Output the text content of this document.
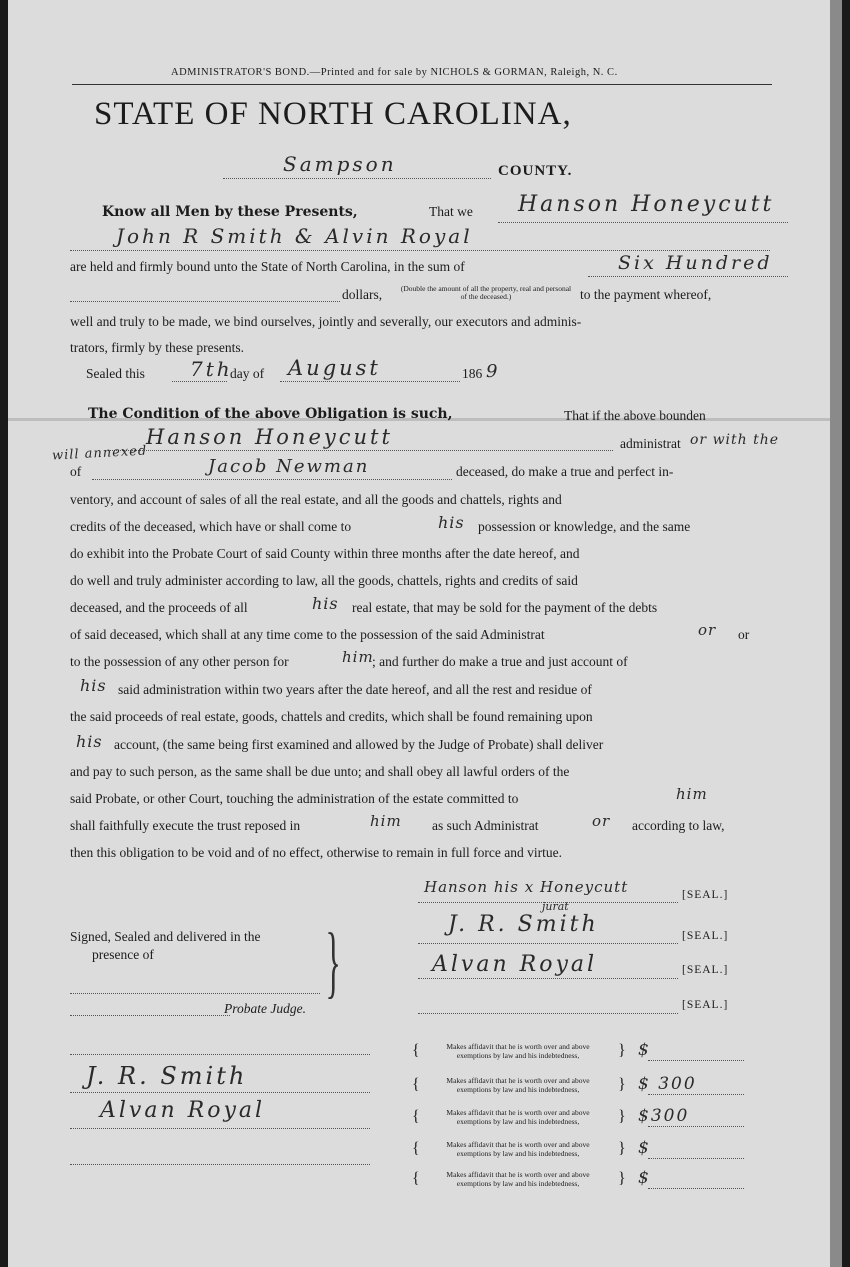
ADMINISTRATOR'S BOND.—Printed and for sale by NICHOLS & GORMAN, Raleigh, N. C.
STATE OF NORTH CAROLINA,
Sampson	COUNTY.
Know all Men by these Presents,	That we Hanson Honeycutt
John R Smith & Alvin Royal
are held and firmly bound unto the State of North Carolina, in the sum of	Six Hundred
dollars, (Double the amount of all the property, real and personal of the deceased.)	to the payment whereof,
well and truly to be made, we bind ourselves, jointly and severally, our executors and adminis-
trators, firmly by these presents.
Sealed this 7th
day of August	186 9
The Condition of the above Obligation is such,	That if the above bounden
Hanson Honeycutt	administrat or with the
will annexed
of	Jacob Newman	deceased, do make a true and perfect in-
ventory, and account of sales of all the real estate, and all the goods and chattels, rights and
credits of the deceased, which have or shall come to	his possession or knowledge, and the same
do exhibit into the Probate Court of said County within three months after the date hereof, and
do well and truly administer according to law, all the goods, chattels, rights and credits of said
deceased, and the proceeds of all	his real estate, that may be sold for the payment of the debts
of said deceased, which shall at any time come to the possession of the said Administrat	or or
to the possession of any other person for	him
; and further do make a true and just account of
his said administration within two years after the date hereof, and all the rest and residue of
the said proceeds of real estate, goods, chattels and credits, which shall be found remaining upon
his account, (the same being first examined and allowed by the Judge of Probate) shall deliver
and pay to such person, as the same shall be due unto; and shall obey all lawful orders of the
said Probate, or other Court, touching the administration of the estate committed to	him
shall faithfully execute the trust reposed in	him as such Administrat	or according to law,
then this obligation to be void and of no effect, otherwise to remain in full force and virtue.
Hanson his x Honeycutt	[SEAL.]
jurat
J. R. Smith	[SEAL.]
Alvan Royal	[SEAL.]
[SEAL.]
Signed, Sealed and delivered in the
presence of }
Probate Judge.
J. R. Smith
Alvan Royal
{	Makes affidavit that he is worth over and above
exemptions by law and his indebtedness,	} $
{	Makes affidavit that he is worth over and above
exemptions by law and his indebtedness,	} $ 300
{	Makes affidavit that he is worth over and above
exemptions by law and his indebtedness,	} $300
{	Makes affidavit that he is worth over and above
exemptions by law and his indebtedness,	} $
{	Makes affidavit that he is worth over and above
exemptions by law and his indebtedness,	} $
